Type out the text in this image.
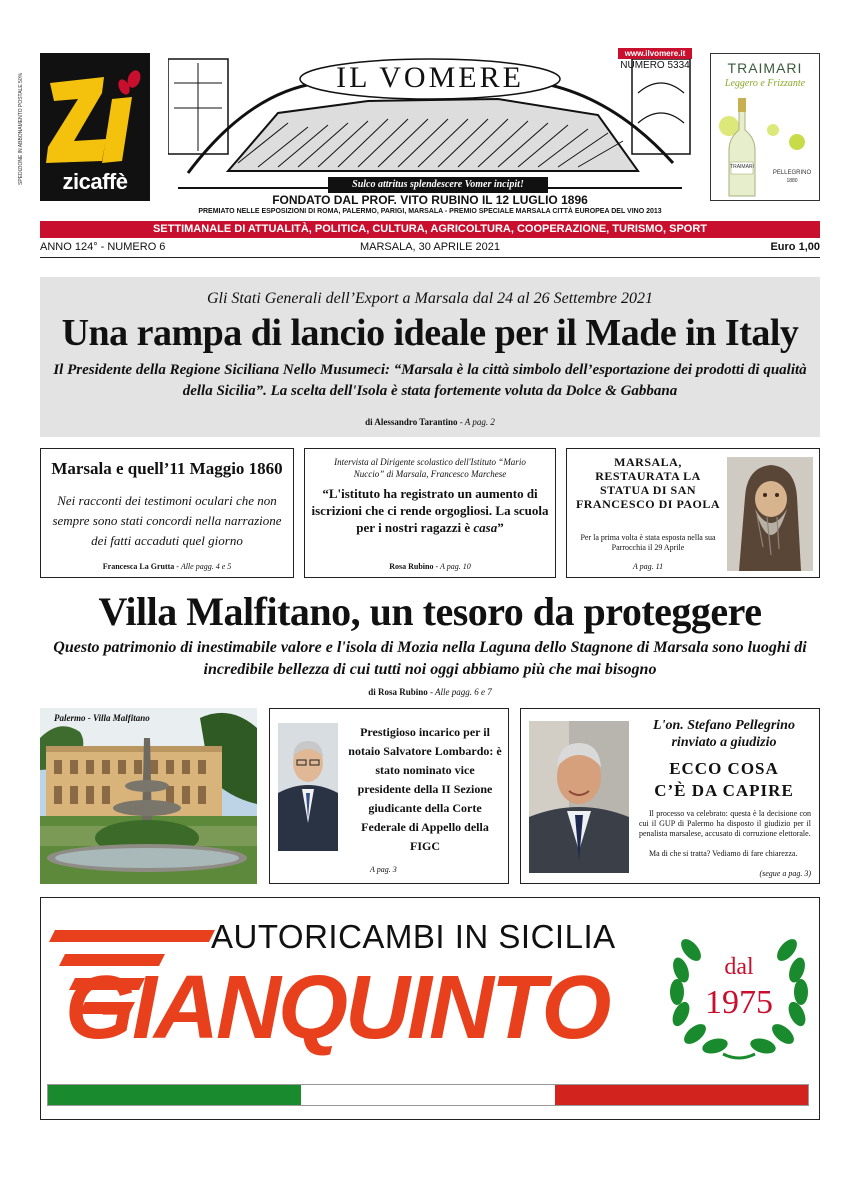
SPEDIZIONE IN ABBONAMENTO POSTALE 50%	zicaffè
IL VOMERE
Sulco attritus splendescere Vomer incipit!
www.ilvomere.it
NUMERO 5334	TRAIMARI
Leggero e Frizzante
TRAIMARI
PELLEGRINO
1880
FONDATO DAL PROF. VITO RUBINO IL 12 LUGLIO 1896
PREMIATO NELLE ESPOSIZIONI DI ROMA, PALERMO, PARIGI, MARSALA - PREMIO SPECIALE MARSALA CITTÀ EUROPEA DEL VINO 2013
SETTIMANALE DI ATTUALITÀ, POLITICA, CULTURA, AGRICOLTURA, COOPERAZIONE, TURISMO, SPORT
ANNO 124° - NUMERO 6	MARSALA, 30 APRILE 2021	Euro 1,00
Gli Stati Generali dell’Export a Marsala dal 24 al 26 Settembre 2021
Una rampa di lancio ideale per il Made in Italy
Il Presidente della Regione Siciliana Nello Musumeci: “Marsala è la città simbolo dell’esportazione dei prodotti di qualità della Sicilia”. La scelta dell'Isola è stata fortemente voluta da Dolce & Gabbana
di Alessandro Tarantino - A pag. 2
Marsala e quell’11 Maggio 1860
Nei racconti dei testimoni oculari che non sempre sono stati concordi nella narrazione dei fatti accaduti quel giorno
Francesca La Grutta - Alle pagg. 4 e 5
Intervista al Dirigente scolastico dell'Istituto “Mario Nuccio” di Marsala, Francesco Marchese
“L'istituto ha registrato un aumento di iscrizioni che ci rende orgogliosi. La scuola per i nostri ragazzi è casa”
Rosa Rubino - A pag. 10
MARSALA, RESTAURATA LA STATUA DI SAN FRANCESCO DI PAOLA
Per la prima volta è stata esposta nella sua Parrocchia il 29 Aprile
A pag. 11
Villa Malfitano, un tesoro da proteggere
Questo patrimonio di inestimabile valore e l'isola di Mozia nella Laguna dello Stagnone di Marsala sono luoghi di incredibile bellezza di cui tutti noi oggi abbiamo più che mai bisogno
di Rosa Rubino - Alle pagg. 6 e 7
Palermo - Villa Malfitano
Prestigioso incarico per il notaio Salvatore Lombardo: è stato nominato vice presidente della II Sezione giudicante della Corte Federale di Appello della FIGC
A pag. 3
L'on. Stefano Pellegrino rinviato a giudizio
ECCO COSA
C’È DA CAPIRE
Il processo va celebrato: questa è la decisione con cui il GUP di Palermo ha disposto il giudizio per il penalista marsalese, accusato di corruzione elettorale.
Ma di che si tratta? Vediamo di fare chiarezza.
(segue a pag. 3)
AUTORICAMBI IN SICILIA
GIANQUINTO	dal
1975
